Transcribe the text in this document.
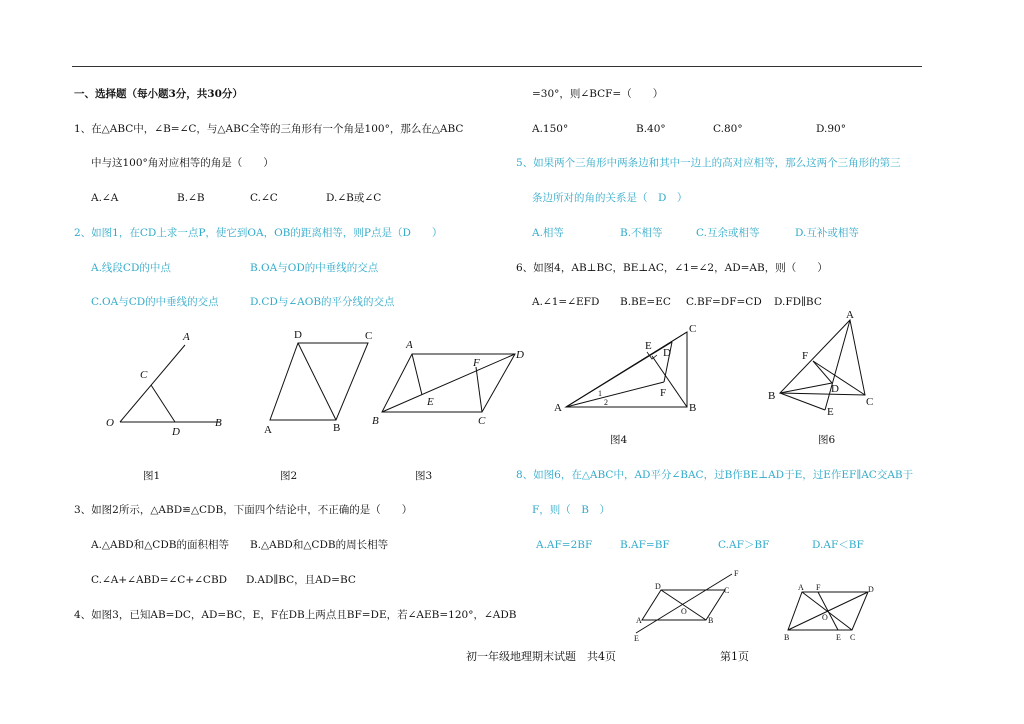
一、选择题（每小题3分，共30分）
1、在△ABC中，∠B=∠C，与△ABC全等的三角形有一个角是100°，那么在△ABC
中与这100°角对应相等的角是（　　）
A.∠A	B.∠B	C.∠C	D.∠B或∠C
2、如图1，在CD上求一点P，使它到OA，OB的距离相等，则P点是（D　　）
A.线段CD的中点	B.OA与OD的中垂线的交点
C.OA与CD的中垂线的交点	D.CD与∠AOB的平分线的交点
A
C
O
D
B
图1
D	C
A	B
图2
A
F
D
E
B	C
图3
3、如图2所示，△ABD≌△CDB，下面四个结论中，不正确的是（　　）
A.△ABD和△CDB的面积相等 B.△ABD和△CDB的周长相等
C.∠A+∠ABD=∠C+∠CBD D.AD∥BC，且AD=BC
4、如图3，已知AB=DC，AD=BC，E，F在DB上两点且BF=DE，若∠AEB=120°，∠ADB
=30°，则∠BCF=（　　）
A.150°	B.40°	C.80°	D.90°
5、如果两个三角形中两条边和其中一边上的高对应相等，那么这两个三角形的第三
条边所对的角的关系是（　D　）
A.相等	B.不相等	C.互余或相等	D.互补或相等
6、如图4，AB⊥BC，BE⊥AC，∠1=∠2，AD=AB，则（　　）
A.∠1=∠EFD B.BE=EC C.BF=DF=CD D.FD∥BC
C
E
D
1
2
F
A	B
图4
A
F
D
B	C
E
图6
8、如图6，在△ABC中，AD平分∠BAC，过B作BE⊥AD于E，过E作EF∥AC交AB于
F，则（　B　）
A.AF=2BF	B.AF=BF	C.AF＞BF	D.AF＜BF
F
D	C
O
A	B
E
A F	D
O
B	E C
初一年级地理期末试题　共4页	第1页
